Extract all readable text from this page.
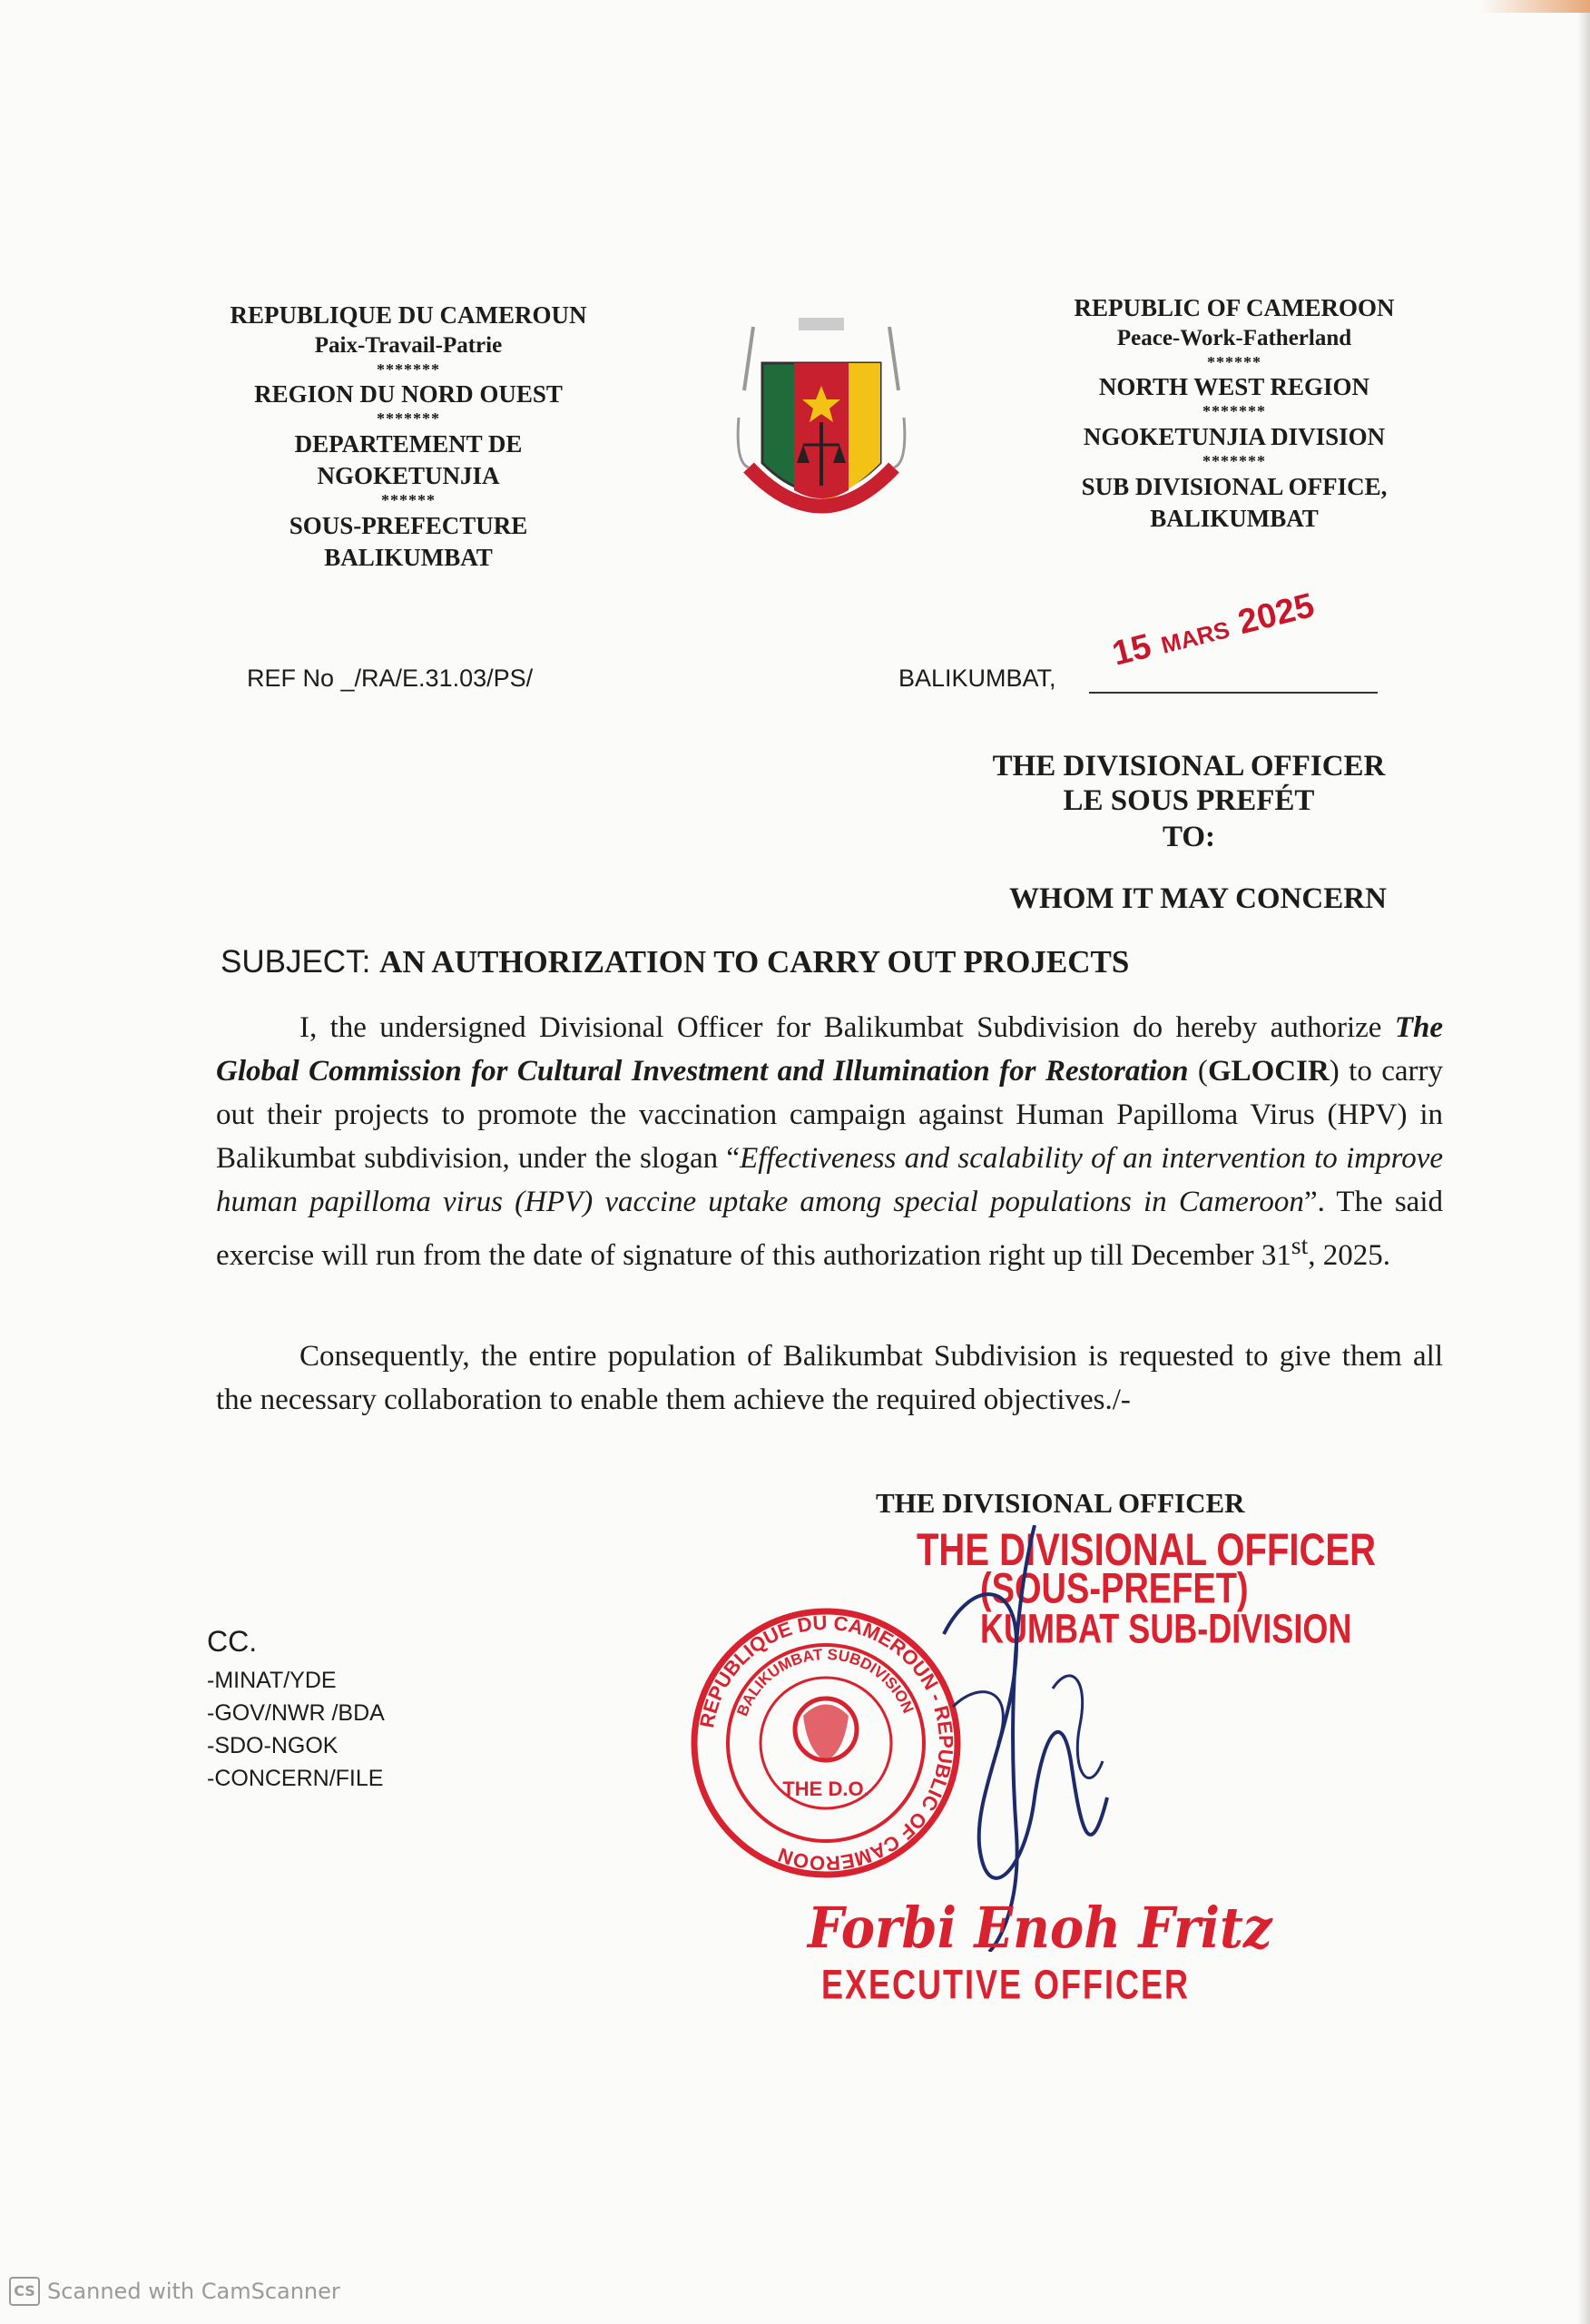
REPUBLIQUE DU CAMEROUN
Paix-Travail-Patrie
*******
REGION DU NORD OUEST
*******
DEPARTEMENT DE
NGOKETUNJIA
******
SOUS-PREFECTURE
BALIKUMBAT
REPUBLIC OF CAMEROON
Peace-Work-Fatherland
******
NORTH WEST REGION
*******
NGOKETUNJIA DIVISION
*******
SUB DIVISIONAL OFFICE,
BALIKUMBAT
REF No _/RA/E.31.03/PS/	BALIKUMBAT,
15 MARS2025
THE DIVISIONAL OFFICER
LE SOUS PREFÉT
TO:
WHOM IT MAY CONCERN
SUBJECT: AN AUTHORIZATION TO CARRY OUT PROJECTS
I, the undersigned Divisional Officer for Balikumbat Subdivision do hereby authorize The Global Commission for Cultural Investment and Illumination for Restoration (GLOCIR) to carry out their projects to promote the vaccination campaign against Human Papilloma Virus (HPV) in Balikumbat subdivision, under the slogan “Effectiveness and scalability of an intervention to improve human papilloma virus (HPV) vaccine uptake among special populations in Cameroon”. The said exercise will run from the date of signature of this authorization right up till December 31st, 2025.
Consequently, the entire population of Balikumbat Subdivision is requested to give them all the necessary collaboration to enable them achieve the required objectives./-
THE DIVISIONAL OFFICER
CC.
-MINAT/YDE
-GOV/NWR /BDA
-SDO-NGOK
-CONCERN/FILE
THE DIVISIONAL OFFICER
(SOUS-PREFET)
KUMBAT SUB-DIVISION
REPUBLIQUE DU CAMEROUN - REPUBLIC OF CAMEROON
BALIKUMBAT SUBDIVISION
THE D.O.
Forbi Enoh Fritz
EXECUTIVE OFFICER
CS Scanned with CamScanner
